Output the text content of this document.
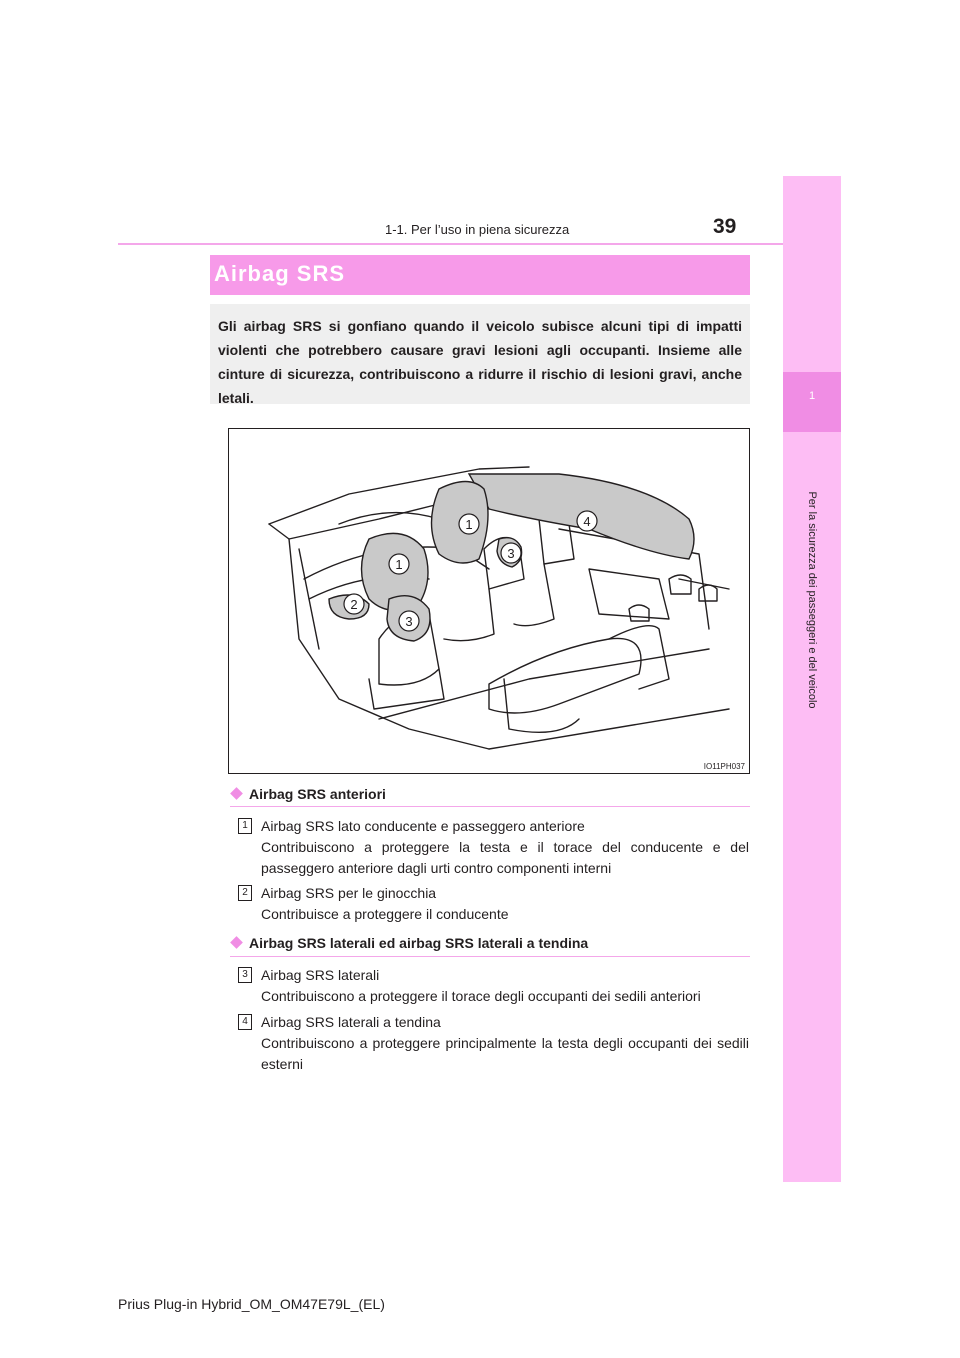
39
1-1. Per l’uso in piena sicurezza
1
Per la sicurezza dei passeggeri e del veicolo
Airbag SRS

Gli airbag SRS si gonfiano quando il veicolo subisce alcuni tipi di impatti violenti che potrebbero causare gravi lesioni agli occupanti. Insieme alle cinture di sicurezza, contribuiscono a ridurre il rischio di lesioni gravi, anche letali.

1
1
2
3
3
4
IO11PH037
Airbag SRS anteriori
1 Airbag SRS lato conducente e passeggero anteriore
Contribuiscono a proteggere la testa e il torace del conducente e del passeggero anteriore dagli urti contro componenti interni
2 Airbag SRS per le ginocchia
Contribuisce a proteggere il conducente
Airbag SRS laterali ed airbag SRS laterali a tendina
3 Airbag SRS laterali
Contribuiscono a proteggere il torace degli occupanti dei sedili anteriori
4 Airbag SRS laterali a tendina
Contribuiscono a proteggere principalmente la testa degli occupanti dei sedili esterni
Prius Plug-in Hybrid_OM_OM47E79L_(EL)
